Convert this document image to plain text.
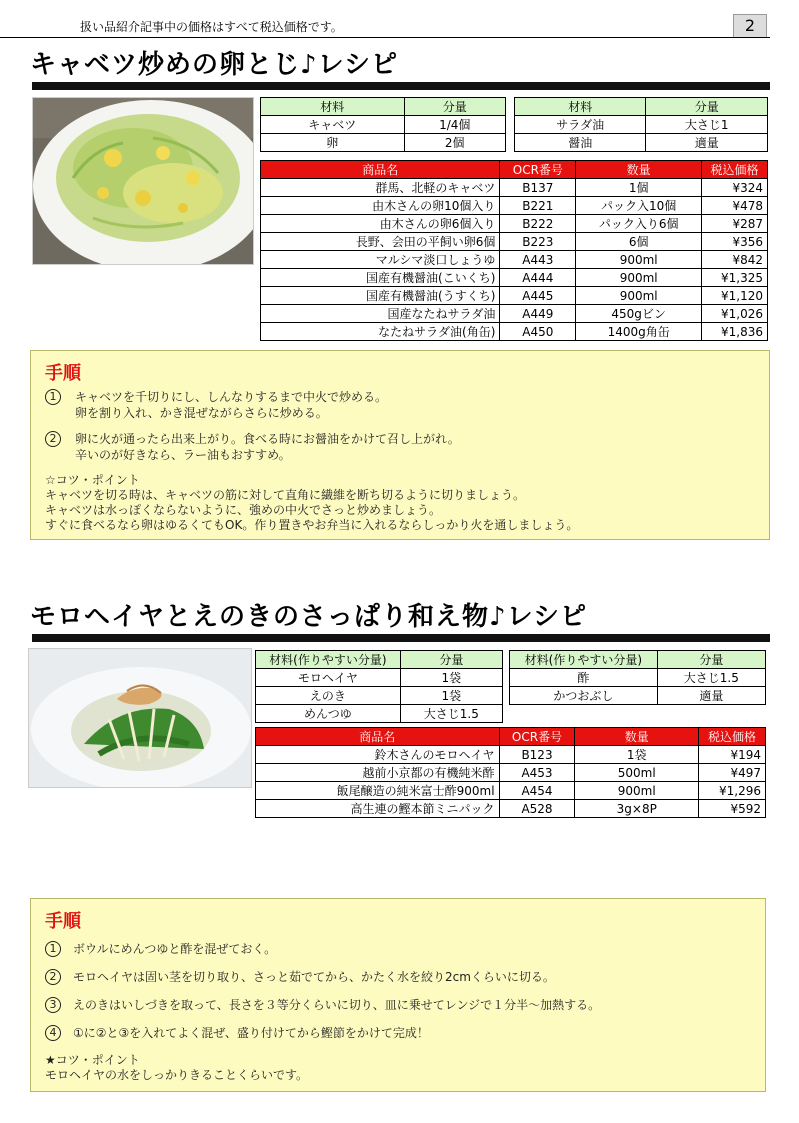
扱い品紹介記事中の価格はすべて税込価格です。	2
キャベツ炒めの卵とじ♪レシピ
材料	分量
キャベツ	1/4個
卵	2個
材料	分量
サラダ油	大さじ1
醤油	適量
商品名	OCR番号	数量	税込価格
群馬、北軽のキャベツ	B137	1個	¥324
由木さんの卵10個入り	B221	パック入10個	¥478
由木さんの卵6個入り	B222	パック入り6個	¥287
長野、会田の平飼い卵6個	B223	6個	¥356
マルシマ淡口しょうゆ	A443	900ml	¥842
国産有機醤油(こいくち)	A444	900ml	¥1,325
国産有機醤油(うすくち)	A445	900ml	¥1,120
国産なたねサラダ油	A449	450gビン	¥1,026
なたねサラダ油(角缶)	A450	1400g角缶	¥1,836
手順
1	キャベツを千切りにし、しんなりするまで中火で炒める。
卵を割り入れ、かき混ぜながらさらに炒める。
2	卵に火が通ったら出来上がり。食べる時にお醤油をかけて召し上がれ。
辛いのが好きなら、ラー油もおすすめ。
☆コツ・ポイント
キャベツを切る時は、キャベツの筋に対して直角に繊維を断ち切るように切りましょう。
キャベツは水っぽくならないように、強めの中火でさっと炒めましょう。
すぐに食べるなら卵はゆるくてもOK。作り置きやお弁当に入れるならしっかり火を通しましょう。
モロヘイヤとえのきのさっぱり和え物♪レシピ
材料(作りやすい分量)	分量
モロヘイヤ	1袋
えのき	1袋
めんつゆ	大さじ1.5
材料(作りやすい分量)	分量
酢	大さじ1.5
かつおぶし	適量
商品名	OCR番号	数量	税込価格
鈴木さんのモロヘイヤ	B123	1袋	¥194
越前小京都の有機純米酢	A453	500ml	¥497
飯尾醸造の純米富士酢900ml	A454	900ml	¥1,296
高生連の鰹本節ミニパック	A528	3g×8P	¥592
手順
1	ボウルにめんつゆと酢を混ぜておく。
2	モロヘイヤは固い茎を切り取り、さっと茹でてから、かたく水を絞り2cmくらいに切る。
3	えのきはいしづきを取って、長さを３等分くらいに切り、皿に乗せてレンジで１分半～加熱する。
4	①に②と③を入れてよく混ぜ、盛り付けてから鰹節をかけて完成！
★コツ・ポイント
モロヘイヤの水をしっかりきることくらいです。
